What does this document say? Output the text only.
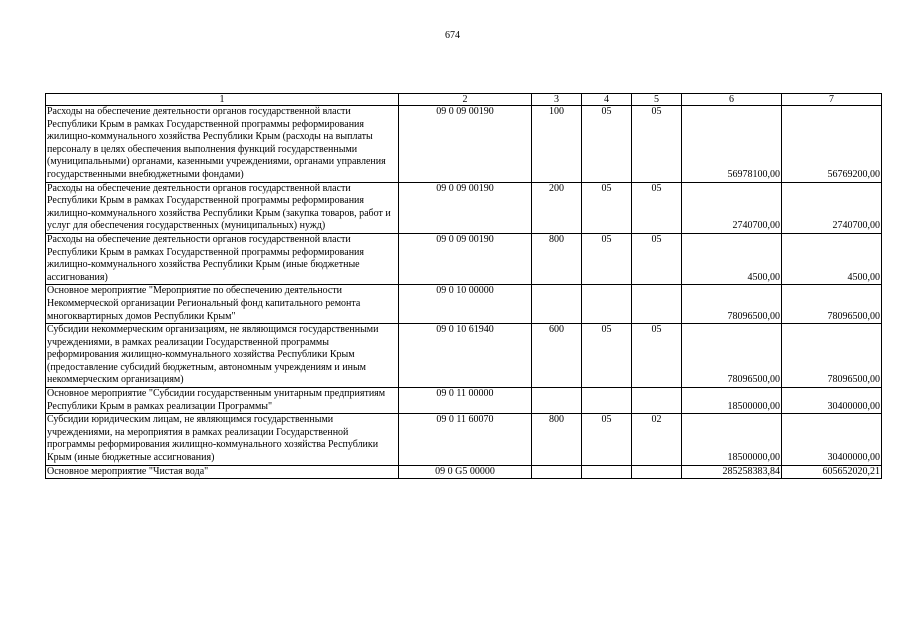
674
1	2	3	4	5	6	7
Расходы на обеспечение деятельности органов государственной власти Республики Крым в рамках Государственной программы реформирования жилищно-коммунального хозяйства Республики Крым (расходы на выплаты персоналу в целях обеспечения выполнения функций государственными (муниципальными) органами, казенными учреждениями, органами управления государственными внебюджетными фондами)	09 0 09 00190	100	05	05	56978100,00	56769200,00
Расходы на обеспечение деятельности органов государственной власти Республики Крым в рамках Государственной программы реформирования жилищно-коммунального хозяйства Республики Крым (закупка товаров, работ и услуг для обеспечения государственных (муниципальных) нужд)	09 0 09 00190	200	05	05	2740700,00	2740700,00
Расходы на обеспечение деятельности органов государственной власти Республики Крым в рамках Государственной программы реформирования жилищно-коммунального хозяйства Республики Крым (иные бюджетные ассигнования)	09 0 09 00190	800	05	05	4500,00	4500,00
Основное мероприятие "Мероприятие по обеспечению деятельности Некоммерческой организации Региональный фонд капитального ремонта многоквартирных домов Республики Крым"	09 0 10 00000				78096500,00	78096500,00
Субсидии некоммерческим организациям, не являющимся государственными учреждениями, в рамках реализации Государственной программы реформирования жилищно-коммунального хозяйства Республики Крым (предоставление субсидий бюджетным, автономным учреждениям и иным некоммерческим организациям)	09 0 10 61940	600	05	05	78096500,00	78096500,00
Основное мероприятие "Субсидии государственным унитарным предприятиям Республики Крым в рамках реализации Программы"	09 0 11 00000				18500000,00	30400000,00
Субсидии юридическим лицам, не являющимся государственными учреждениями, на мероприятия в рамках реализации Государственной программы реформирования жилищно-коммунального хозяйства Республики Крым (иные бюджетные ассигнования)	09 0 11 60070	800	05	02	18500000,00	30400000,00
Основное мероприятие "Чистая вода"	09 0 G5 00000				285258383,84	605652020,21
